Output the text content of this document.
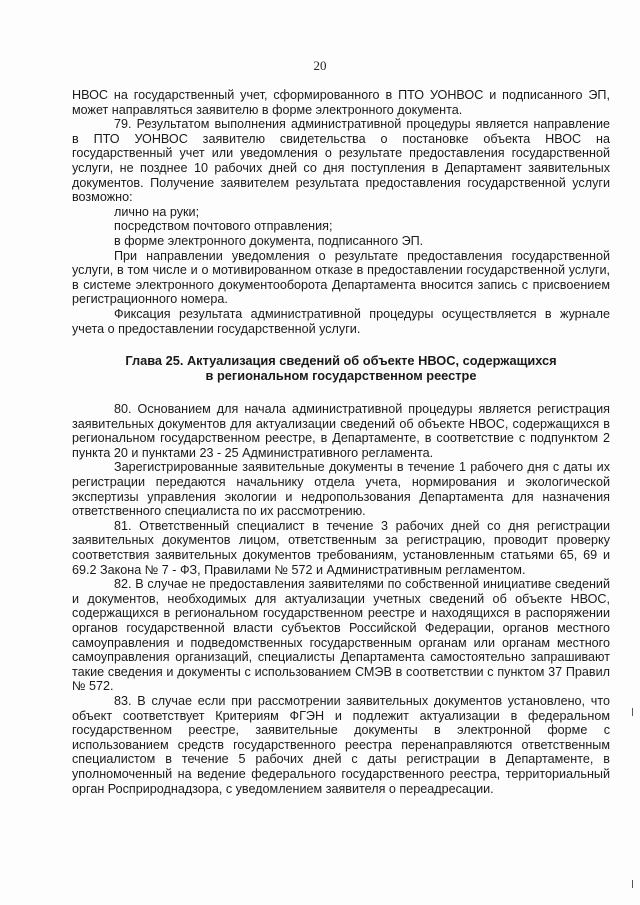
20

НВОС на государственный учет, сформированного в ПТО УОНВОС и подписанного ЭП, может направляться заявителю в форме электронного документа.

79. Результатом выполнения административной процедуры является направление в ПТО УОНВОС заявителю свидетельства о постановке объекта НВОС на государственный учет или уведомления о результате предоставления государственной услуги, не позднее 10 рабочих дней со дня поступления в Департамент заявительных документов. Получение заявителем результата предоставления государственной услуги возможно:

лично на руки;

посредством почтового отправления;

в форме электронного документа, подписанного ЭП.

При направлении уведомления о результате предоставления государственной услуги, в том числе и о мотивированном отказе в предоставлении государственной услуги, в системе электронного документооборота Департамента вносится запись с присвоением регистрационного номера.

Фиксация результата административной процедуры осуществляется в журнале учета о предоставлении государственной услуги.

Глава 25. Актуализация сведений об объекте НВОС, содержащихся
в региональном государственном реестре

80. Основанием для начала административной процедуры является регистрация заявительных документов для актуализации сведений об объекте НВОС, содержащихся в региональном государственном реестре, в Департаменте, в соответствие с подпунктом 2 пункта 20 и пунктами 23 - 25 Административного регламента.

Зарегистрированные заявительные документы в течение 1 рабочего дня с даты их регистрации передаются начальнику отдела учета, нормирования и экологической экспертизы управления экологии и недропользования Департамента для назначения ответственного специалиста по их рассмотрению.

81. Ответственный специалист в течение 3 рабочих дней со дня регистрации заявительных документов лицом, ответственным за регистрацию, проводит проверку соответствия заявительных документов требованиям, установленным статьями 65, 69 и 69.2 Закона № 7 - ФЗ, Правилами № 572 и Административным регламентом.

82. В случае не предоставления заявителями по собственной инициативе сведений и документов, необходимых для актуализации учетных сведений об объекте НВОС, содержащихся в региональном государственном реестре и находящихся в распоряжении органов государственной власти субъектов Российской Федерации, органов местного самоуправления и подведомственных государственным органам или органам местного самоуправления организаций, специалисты Департамента самостоятельно запрашивают такие сведения и документы с использованием СМЭВ в соответствии с пунктом 37 Правил № 572.

83. В случае если при рассмотрении заявительных документов установлено, что объект соответствует Критериям ФГЭН и подлежит актуализации в федеральном государственном реестре, заявительные документы в электронной форме с использованием средств государственного реестра перенаправляются ответственным специалистом в течение 5 рабочих дней с даты регистрации в Департаменте, в уполномоченный на ведение федерального государственного реестра, территориальный орган Росприроднадзора, с уведомлением заявителя о переадресации.
